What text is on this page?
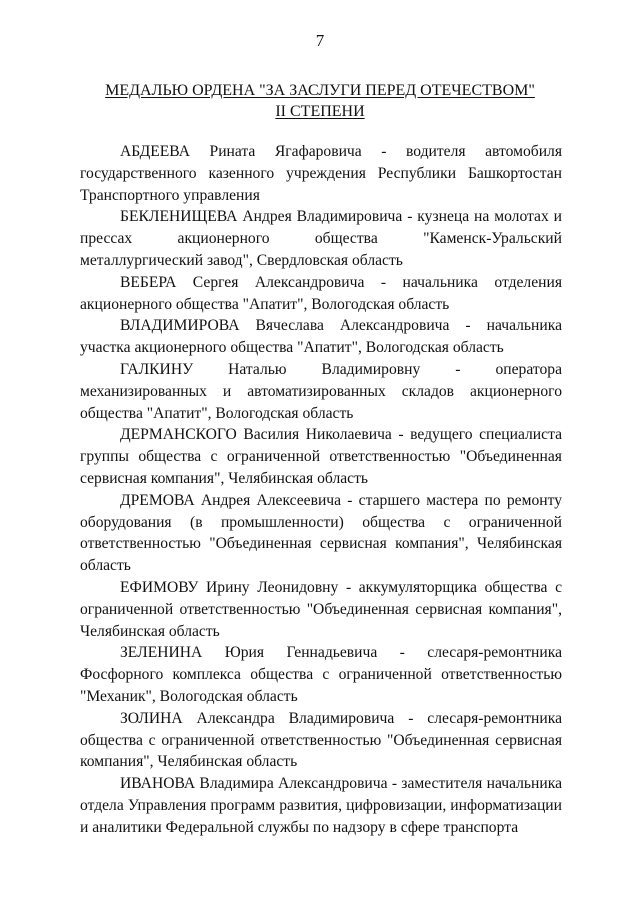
7
МЕДАЛЬЮ ОРДЕНА "ЗА ЗАСЛУГИ ПЕРЕД ОТЕЧЕСТВОМ"
II СТЕПЕНИ

АБДЕЕВА Рината Ягафаровича - водителя автомобиля государственного казенного учреждения Республики Башкортостан Транспортного управления

БЕКЛЕНИЩЕВА Андрея Владимировича - кузнеца на молотах и прессах акционерного общества "Каменск-Уральский металлургический завод", Свердловская область

ВЕБЕРА Сергея Александровича - начальника отделения акционерного общества "Апатит", Вологодская область

ВЛАДИМИРОВА Вячеслава Александровича - начальника участка акционерного общества "Апатит", Вологодская область

ГАЛКИНУ Наталью Владимировну - оператора механизированных и автоматизированных складов акционерного общества "Апатит", Вологодская область

ДЕРМАНСКОГО Василия Николаевича - ведущего специалиста группы общества с ограниченной ответственностью "Объединенная сервисная компания", Челябинская область

ДРЕМОВА Андрея Алексеевича - старшего мастера по ремонту оборудования (в промышленности) общества с ограниченной ответственностью "Объединенная сервисная компания", Челябинская область

ЕФИМОВУ Ирину Леонидовну - аккумуляторщика общества с ограниченной ответственностью "Объединенная сервисная компания", Челябинская область

ЗЕЛЕНИНА Юрия Геннадьевича - слесаря-ремонтника Фосфорного комплекса общества с ограниченной ответственностью "Механик", Вологодская область

ЗОЛИНА Александра Владимировича - слесаря-ремонтника общества с ограниченной ответственностью "Объединенная сервисная компания", Челябинская область

ИВАНОВА Владимира Александровича - заместителя начальника отдела Управления программ развития, цифровизации, информатизации и аналитики Федеральной службы по надзору в сфере транспорта
